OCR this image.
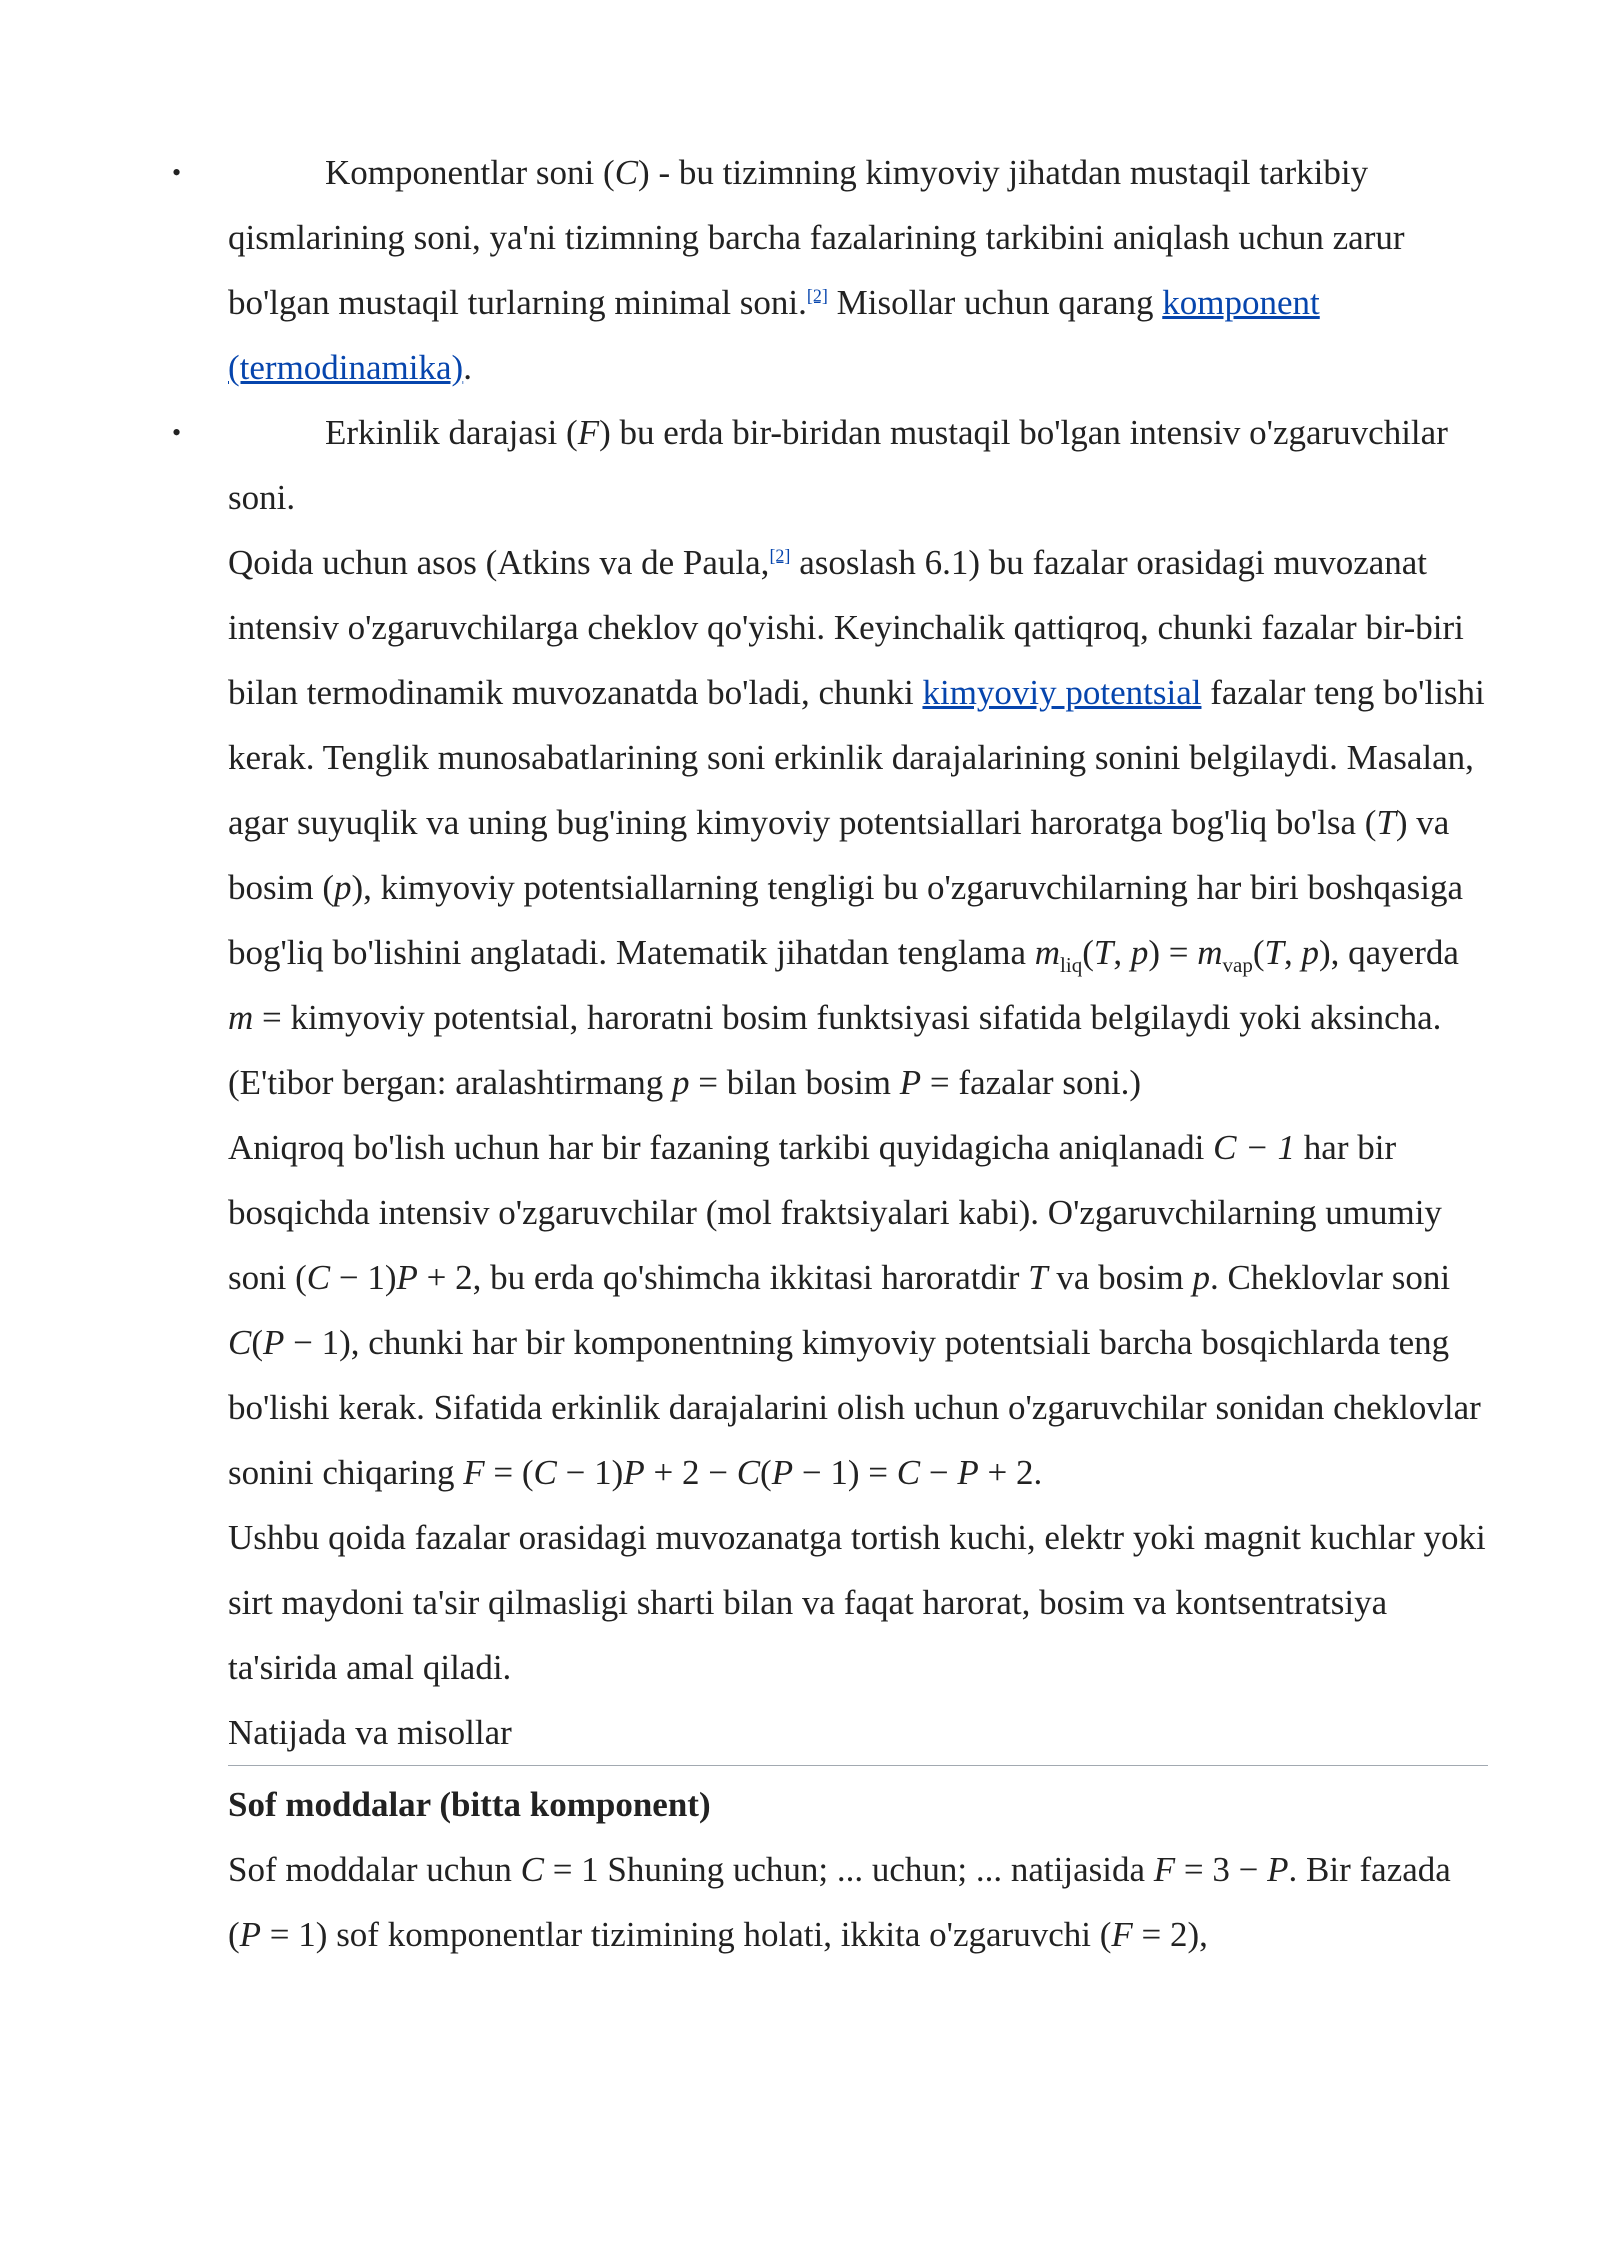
•	Komponentlar soni (C) - bu tizimning kimyoviy jihatdan mustaqil tarkibiy qismlarining soni, ya'ni tizimning barcha fazalarining tarkibini aniqlash uchun zarur bo'lgan mustaqil turlarning minimal soni.[2] Misollar uchun qarang komponent (termodinamika).

•	Erkinlik darajasi (F) bu erda bir-biridan mustaqil bo'lgan intensiv o'zgaruvchilar soni.

Qoida uchun asos (Atkins va de Paula,[2] asoslash 6.1) bu fazalar orasidagi muvozanat intensiv o'zgaruvchilarga cheklov qo'yishi. Keyinchalik qattiqroq, chunki fazalar bir-biri bilan termodinamik muvozanatda bo'ladi, chunki kimyoviy potentsial fazalar teng bo'lishi kerak. Tenglik munosabatlarining soni erkinlik darajalarining sonini belgilaydi. Masalan, agar suyuqlik va uning bug'ining kimyoviy potentsiallari haroratga bog'liq bo'lsa (T) va bosim (p), kimyoviy potentsiallarning tengligi bu o'zgaruvchilarning har biri boshqasiga bog'liq bo'lishini anglatadi. Matematik jihatdan tenglama $m_{liq}(T$, $p) = m_{vap}(T$, p), qayerda m = kimyoviy potentsial, haroratni bosim funktsiyasi sifatida belgilaydi yoki aksincha. (E'tibor bergan: aralashtirmang p = bilan bosim P = fazalar soni.)

Aniqroq bo'lish uchun har bir fazaning tarkibi quyidagicha aniqlanadi C − 1 har bir bosqichda intensiv o'zgaruvchilar (mol fraktsiyalari kabi). O'zgaruvchilarning umumiy soni (C − 1)P + 2, bu erda qo'shimcha ikkitasi haroratdir T va bosim p. Cheklovlar soni C(P − 1), chunki har bir komponentning kimyoviy potentsiali barcha bosqichlarda teng bo'lishi kerak. Sifatida erkinlik darajalarini olish uchun o'zgaruvchilar sonidan cheklovlar sonini chiqaring F = (C − 1)P + 2 − C(P − 1) = C − P + 2.

Ushbu qoida fazalar orasidagi muvozanatga tortish kuchi, elektr yoki magnit kuchlar yoki sirt maydoni ta'sir qilmasligi sharti bilan va faqat harorat, bosim va kontsentratsiya ta'sirida amal qiladi.

Natijada va misollar
Sof moddalar (bitta komponent)

Sof moddalar uchun C = 1 Shuning uchun; ... uchun; ... natijasida F = 3 − P. Bir fazada (P = 1) sof komponentlar tizimining holati, ikkita o'zgaruvchi (F = 2),
